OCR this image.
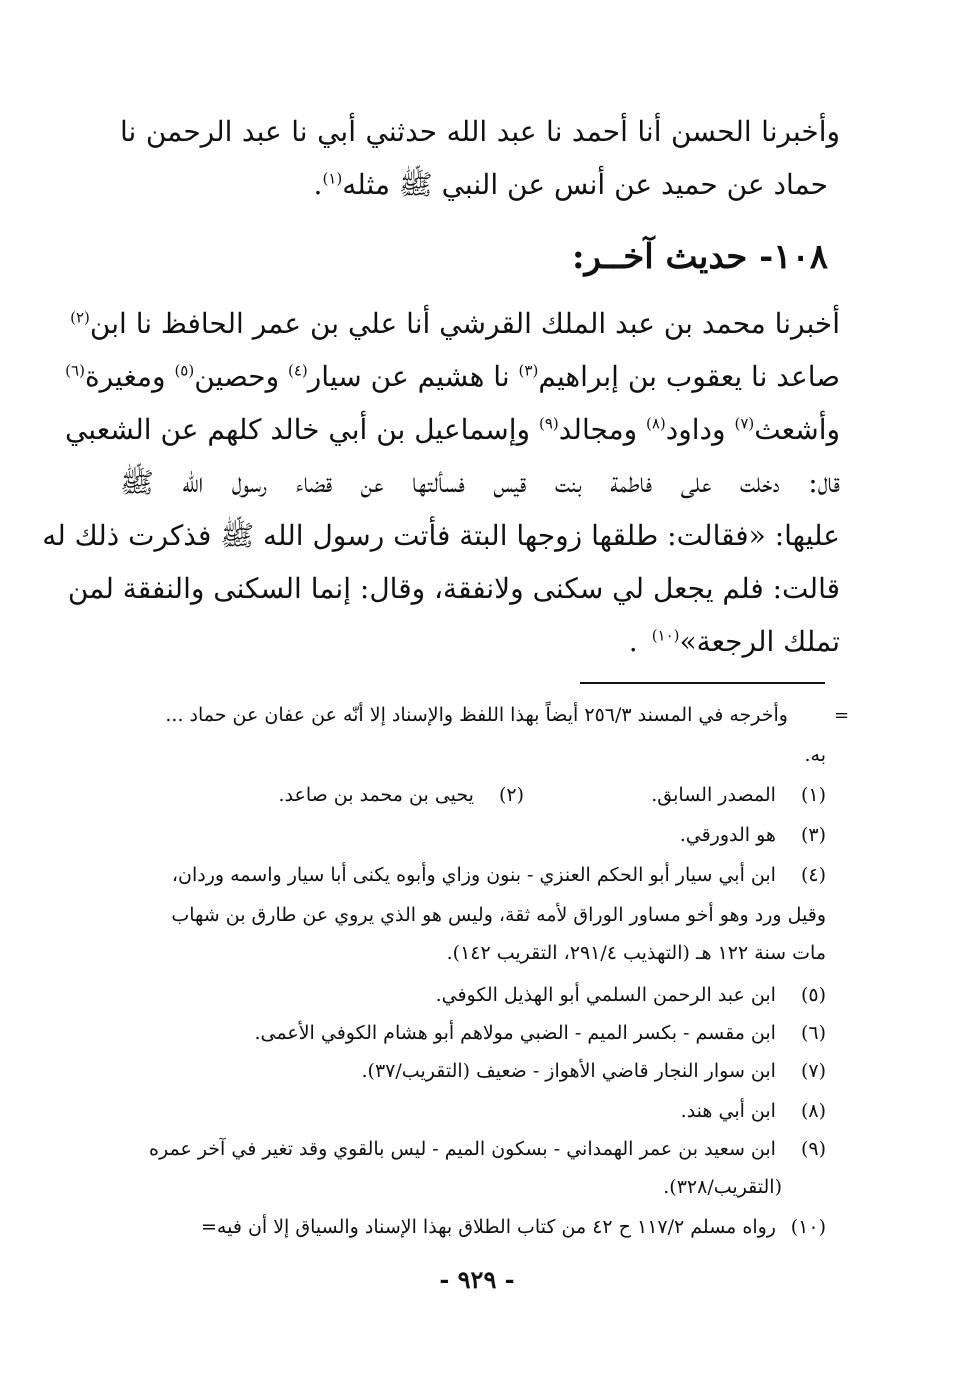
وأخبرنا الحسن أنا أحمد نا عبد الله حدثني أبي نا عبد الرحمن نا
حماد عن حميد عن أنس عن النبي ﷺ مثله$^{(١)}$.
١٠٨- حديث آخــر:
أخبرنا محمد بن عبد الملك القرشي أنا علي بن عمر الحافظ نا ابن$^{(٢)}$
صاعد نا يعقوب بن إبراهيم$^{(٣)}$ نا هشيم عن سيار$^{(٤)}$ وحصين$^{(٥)}$ ومغيرة$^{(٦)}$
وأشعث$^{(٧)}$ وداود$^{(٨)}$ ومجالد$^{(٩)}$ وإسماعيل بن أبي خالد كلهم عن الشعبي
قال: دخلت على فاطمة بنت قيس فسألتها عن قضاء رسول الله ﷺ
عليها: «فقالت: طلقها زوجها البتة فأتت رسول الله ﷺ فذكرت ذلك له
قالت: فلم يجعل لي سكنى ولانفقة، وقال: إنما السكنى والنفقة لمن
تملك الرجعة»$^{(١٠)}$.
=
وأخرجه في المسند ٢٥٦/٣ أيضاً بهذا اللفظ والإسناد إلا أنّه عن عفان عن حماد ...
به.
(١) المصدر السابق.
(٢) يحيى بن محمد بن صاعد.
(٣) هو الدورقي.
(٤) ابن أبي سيار أبو الحكم العنزي - بنون وزاي وأبوه يكنى أبا سيار واسمه وردان،
وقيل ورد وهو أخو مساور الوراق لأمه ثقة، وليس هو الذي يروي عن طارق بن شهاب
مات سنة ١٢٢ هـ (التهذيب ٢٩١/٤، التقريب ١٤٢).
(٥) ابن عبد الرحمن السلمي أبو الهذيل الكوفي.
(٦) ابن مقسم - بكسر الميم - الضبي مولاهم أبو هشام الكوفي الأعمى.
(٧) ابن سوار النجار قاضي الأهواز - ضعيف (التقريب/٣٧).
(٨) ابن أبي هند.
(٩) ابن سعيد بن عمر الهمداني - بسكون الميم - ليس بالقوي وقد تغير في آخر عمره
(التقريب/٣٢٨).
(١٠) رواه مسلم ١١٧/٢ ح ٤٢ من كتاب الطلاق بهذا الإسناد والسياق إلا أن فيه=
- ٩٢٩ -
